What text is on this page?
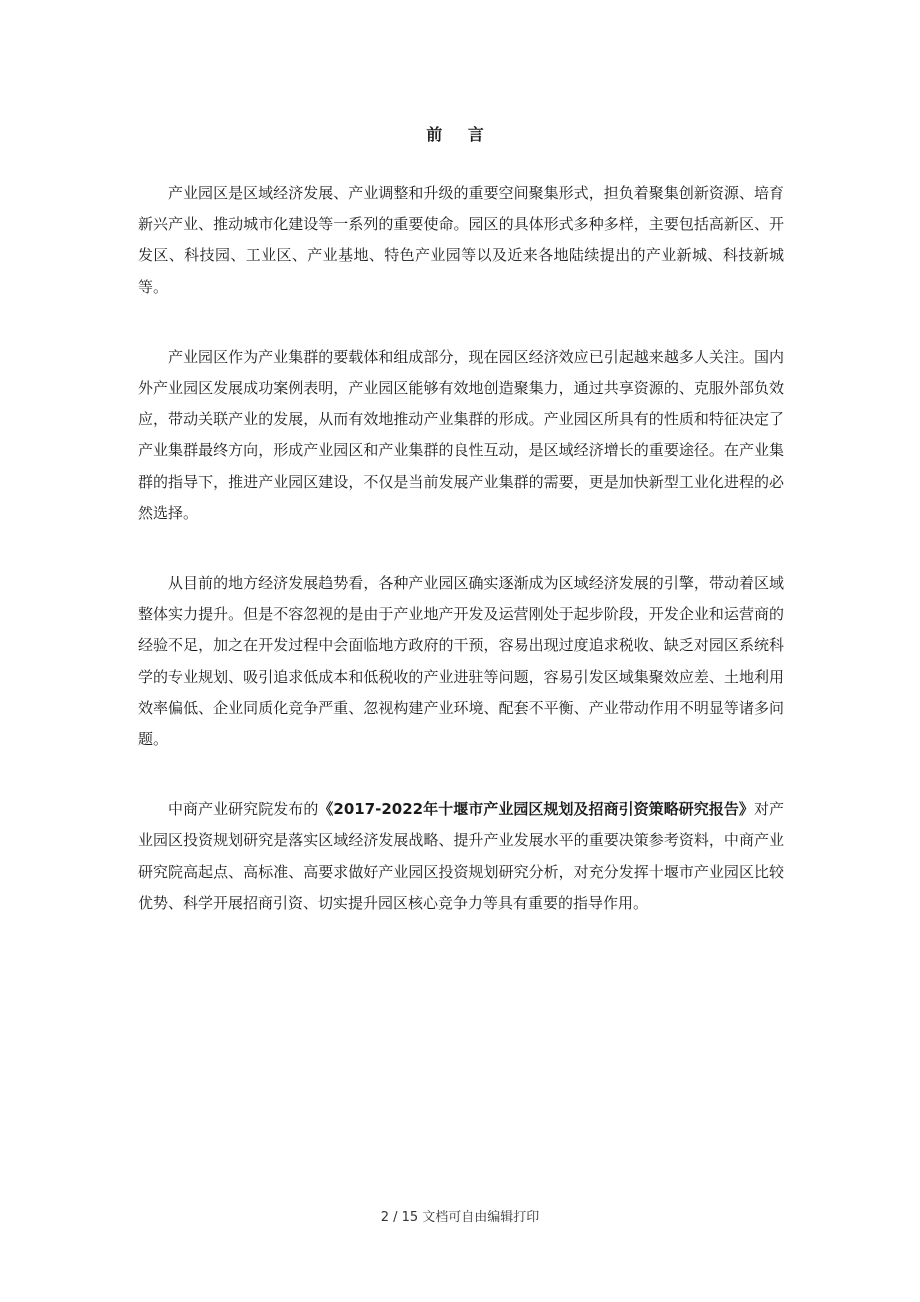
前 言

产业园区是区域经济发展、产业调整和升级的重要空间聚集形式，担负着聚集创新资源、培育新兴产业、推动城市化建设等一系列的重要使命。园区的具体形式多种多样，主要包括高新区、开发区、科技园、工业区、产业基地、特色产业园等以及近来各地陆续提出的产业新城、科技新城等。

产业园区作为产业集群的要载体和组成部分，现在园区经济效应已引起越来越多人关注。国内外产业园区发展成功案例表明，产业园区能够有效地创造聚集力，通过共享资源的、克服外部负效应，带动关联产业的发展，从而有效地推动产业集群的形成。产业园区所具有的性质和特征决定了产业集群最终方向，形成产业园区和产业集群的良性互动，是区域经济增长的重要途径。在产业集群的指导下，推进产业园区建设，不仅是当前发展产业集群的需要，更是加快新型工业化进程的必然选择。

从目前的地方经济发展趋势看，各种产业园区确实逐渐成为区域经济发展的引擎，带动着区域整体实力提升。但是不容忽视的是由于产业地产开发及运营刚处于起步阶段，开发企业和运营商的经验不足，加之在开发过程中会面临地方政府的干预，容易出现过度追求税收、缺乏对园区系统科学的专业规划、吸引追求低成本和低税收的产业进驻等问题，容易引发区域集聚效应差、土地利用效率偏低、企业同质化竞争严重、忽视构建产业环境、配套不平衡、产业带动作用不明显等诸多问题。

中商产业研究院发布的《2017-2022年十堰市产业园区规划及招商引资策略研究报告》对产业园区投资规划研究是落实区域经济发展战略、提升产业发展水平的重要决策参考资料，中商产业研究院高起点、高标准、高要求做好产业园区投资规划研究分析，对充分发挥十堰市产业园区比较优势、科学开展招商引资、切实提升园区核心竞争力等具有重要的指导作用。

2 / 15 文档可自由编辑打印
